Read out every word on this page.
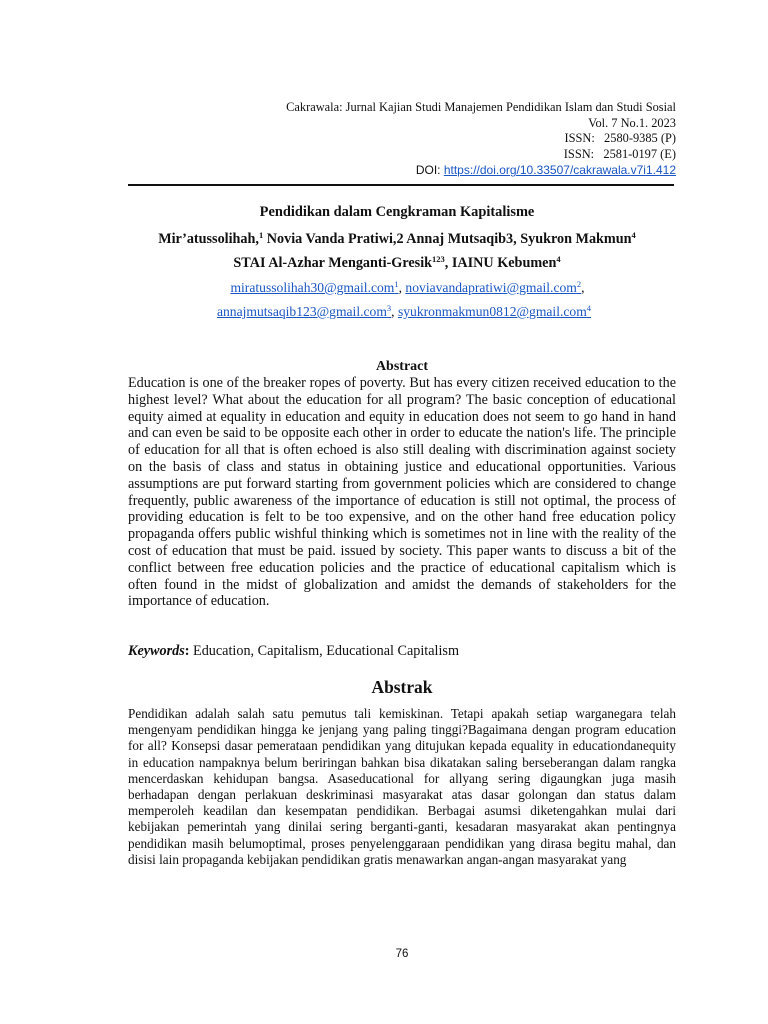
Cakrawala: Jurnal Kajian Studi Manajemen Pendidikan Islam dan Studi Sosial
Vol. 7 No.1. 2023
ISSN:   2580-9385 (P)
ISSN:   2581-0197 (E)
DOI: https://doi.org/10.33507/cakrawala.v7i1.412
Pendidikan dalam Cengkraman Kapitalisme
Mir’atussolihah,$^1$ Novia Vanda Pratiwi,2 Annaj Mutsaqib3, Syukron Makmun$^4$
STAI Al-Azhar Menganti-Gresik$^{123}$, IAINU Kebumen$^4$
miratussolihah30@gmail.com$^1$, noviavandapratiwi@gmail.com$^2$,
annajmutsaqib123@gmail.com$^3$, syukronmakmun0812@gmail.com$^4$
Abstract

Education is one of the breaker ropes of poverty. But has every citizen received education to the highest level? What about the education for all program? The basic conception of educational equity aimed at equality in education and equity in education does not seem to go hand in hand and can even be said to be opposite each other in order to educate the nation's life. The principle of education for all that is often echoed is also still dealing with discrimination against society on the basis of class and status in obtaining justice and educational opportunities. Various assumptions are put forward starting from government policies which are considered to change frequently, public awareness of the importance of education is still not optimal, the process of providing education is felt to be too expensive, and on the other hand free education policy propaganda offers public wishful thinking which is sometimes not in line with the reality of the cost of education that must be paid. issued by society. This paper wants to discuss a bit of the conflict between free education policies and the practice of educational capitalism which is often found in the midst of globalization and amidst the demands of stakeholders for the importance of education.

Keywords: Education, Capitalism, Educational Capitalism
Abstrak

Pendidikan adalah salah satu pemutus tali kemiskinan. Tetapi apakah setiap warganegara telah mengenyam pendidikan hingga ke jenjang yang paling tinggi?Bagaimana dengan program education for all? Konsepsi dasar pemerataan pendidikan yang ditujukan kepada equality in educationdanequity in education nampaknya belum beriringan bahkan bisa dikatakan saling berseberangan dalam rangka mencerdaskan kehidupan bangsa. Asaseducational for allyang sering digaungkan juga masih berhadapan dengan perlakuan deskriminasi masyarakat atas dasar golongan dan status dalam memperoleh keadilan dan kesempatan pendidikan. Berbagai asumsi diketengahkan mulai dari kebijakan pemerintah yang dinilai sering berganti-ganti, kesadaran masyarakat akan pentingnya pendidikan masih belumoptimal, proses penyelenggaraan pendidikan yang dirasa begitu mahal, dan disisi lain propaganda kebijakan pendidikan gratis menawarkan angan-angan masyarakat yang

76
